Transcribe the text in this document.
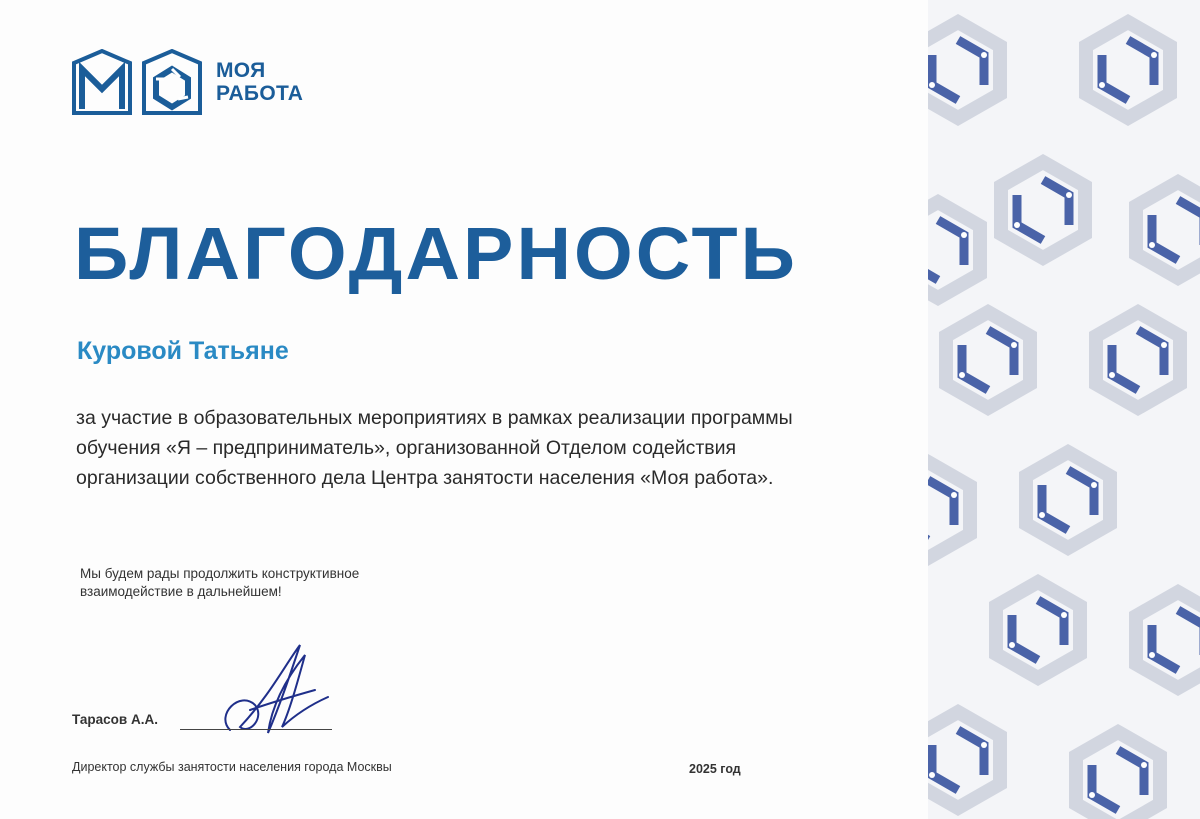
МОЯ
РАБОТА
БЛАГОДАРНОСТЬ

Куровой Татьяне

за участие в образовательных мероприятиях в рамках реализации программы
обучения «Я – предприниматель», организованной Отделом содействия
организации собственного дела Центра занятости населения «Моя работа».

Мы будем рады продолжить конструктивное
взаимодействие в дальнейшем!

Тарасов А.А.
Директор службы занятости населения города Москвы	2025 год
